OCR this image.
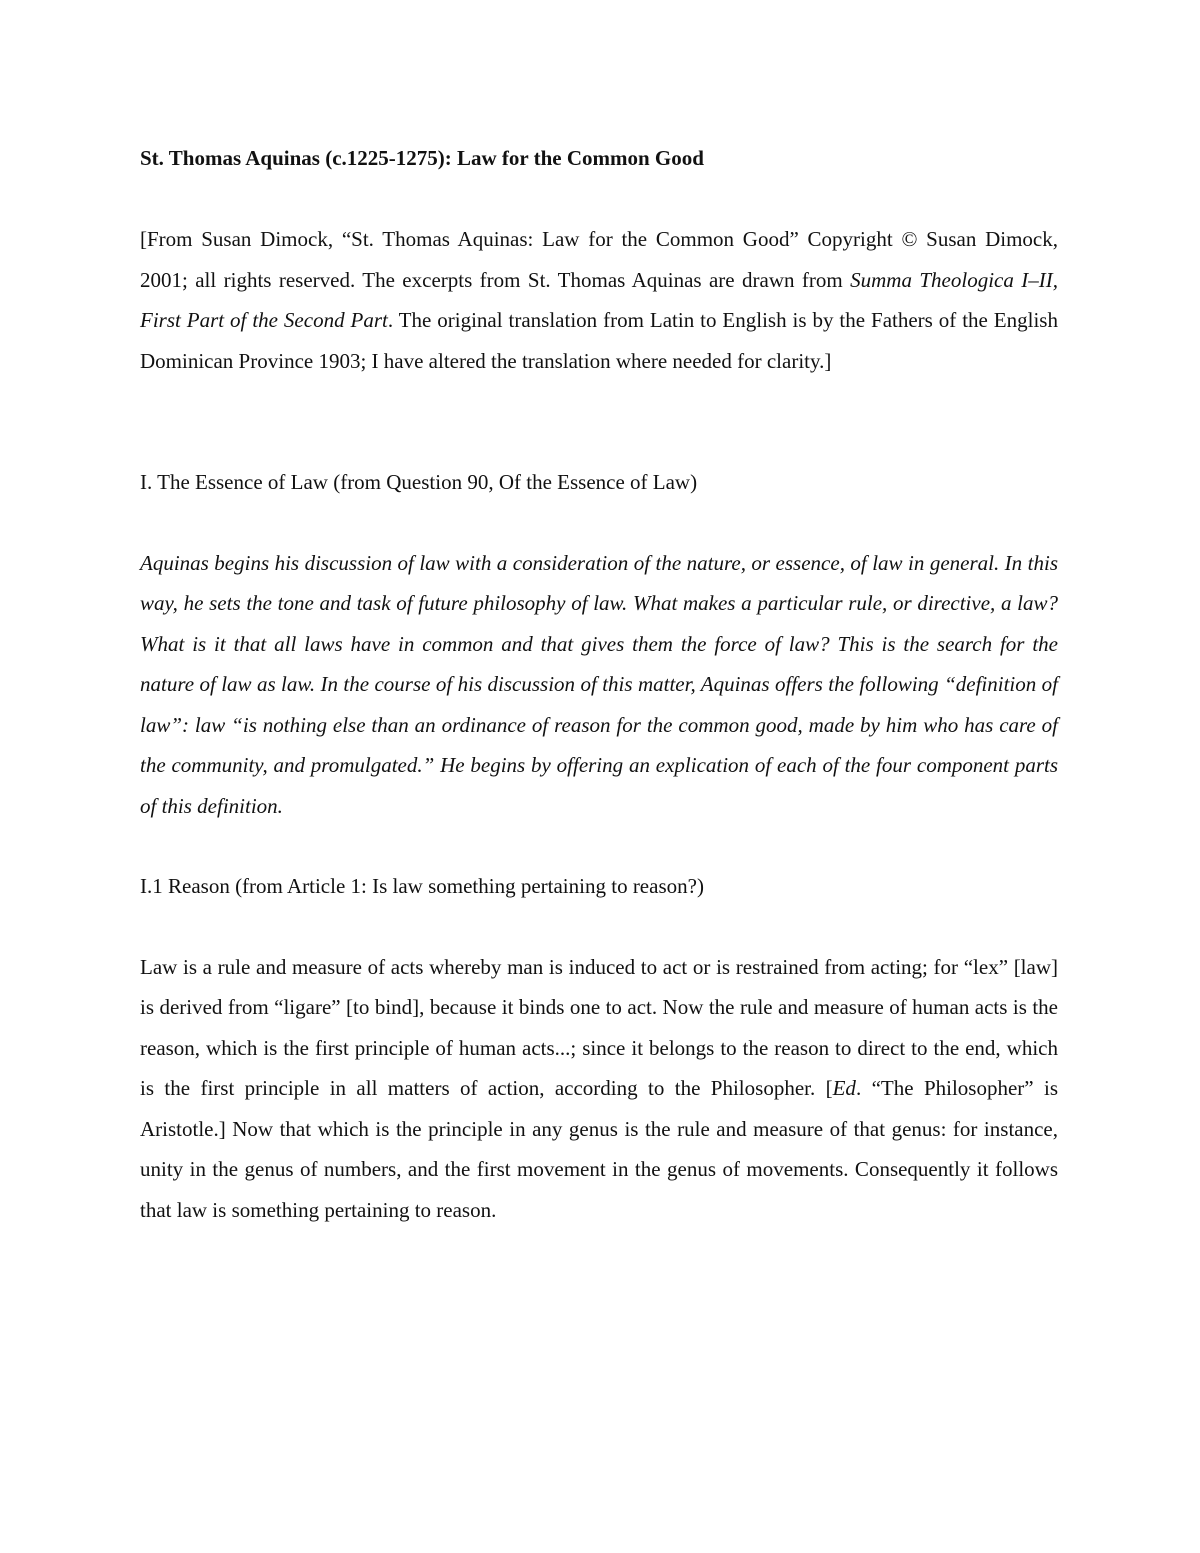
St. Thomas Aquinas (c.1225-1275): Law for the Common Good

[From Susan Dimock, “St. Thomas Aquinas: Law for the Common Good” Copyright © Susan Dimock, 2001; all rights reserved. The excerpts from St. Thomas Aquinas are drawn from Summa Theologica I–II, First Part of the Second Part. The original translation from Latin to English is by the Fathers of the English Dominican Province 1903; I have altered the translation where needed for clarity.]

I. The Essence of Law (from Question 90, Of the Essence of Law)

Aquinas begins his discussion of law with a consideration of the nature, or essence, of law in general. In this way, he sets the tone and task of future philosophy of law. What makes a particular rule, or directive, a law? What is it that all laws have in common and that gives them the force of law? This is the search for the nature of law as law. In the course of his discussion of this matter, Aquinas offers the following “definition of law”: law “is nothing else than an ordinance of reason for the common good, made by him who has care of the community, and promulgated.” He begins by offering an explication of each of the four component parts of this definition.

I.1 Reason (from Article 1: Is law something pertaining to reason?)

Law is a rule and measure of acts whereby man is induced to act or is restrained from acting; for “lex” [law] is derived from “ligare” [to bind], because it binds one to act. Now the rule and measure of human acts is the reason, which is the first principle of human acts...; since it belongs to the reason to direct to the end, which is the first principle in all matters of action, according to the Philosopher. [Ed. “The Philosopher” is Aristotle.] Now that which is the principle in any genus is the rule and measure of that genus: for instance, unity in the genus of numbers, and the first movement in the genus of movements. Consequently it follows that law is something pertaining to reason.
